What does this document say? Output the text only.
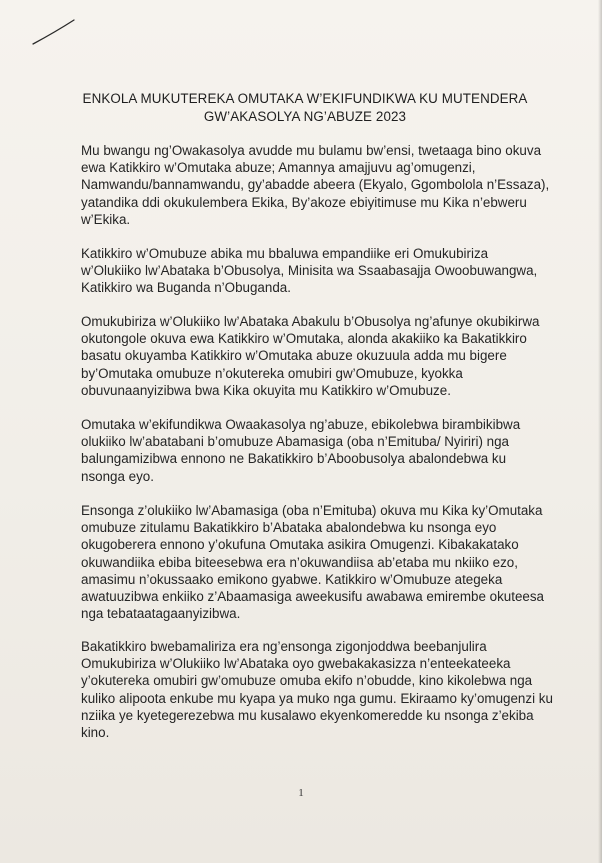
ENKOLA MUKUTEREKA OMUTAKA W’EKIFUNDIKWA KU MUTENDERA
GW’AKASOLYA NG’ABUZE 2023
Mu bwangu ng’Owakasolya avudde mu bulamu bw’ensi, twetaaga bino okuva
ewa Katikkiro w’Omutaka abuze; Amannya amajjuvu ag’omugenzi,
Namwandu/bannamwandu, gy’abadde abeera (Ekyalo, Ggombolola n’Essaza),
yatandika ddi okukulembera Ekika, By’akoze ebiyitimuse mu Kika n’ebweru
w’Ekika.
Katikkiro w’Omubuze abika mu bbaluwa empandiike eri Omukubiriza
w’Olukiiko lw’Abataka b’Obusolya, Minisita wa Ssaabasajja Owoobuwangwa,
Katikkiro wa Buganda n’Obuganda.
Omukubiriza w’Olukiiko lw’Abataka Abakulu b’Obusolya ng’afunye okubikirwa
okutongole okuva ewa Katikkiro w’Omutaka, alonda akakiiko ka Bakatikkiro
basatu okuyamba Katikkiro w’Omutaka abuze okuzuula adda mu bigere
by’Omutaka omubuze n’okutereka omubiri gw’Omubuze, kyokka
obuvunaanyizibwa bwa Kika okuyita mu Katikkiro w’Omubuze.
Omutaka w’ekifundikwa Owaakasolya ng’abuze, ebikolebwa birambikibwa
olukiiko lw’abatabani b’omubuze Abamasiga (oba n’Emituba/ Nyiriri) nga
balungamizibwa ennono ne Bakatikkiro b’Aboobusolya abalondebwa ku
nsonga eyo.
Ensonga z’olukiiko lw’Abamasiga (oba n’Emituba) okuva mu Kika ky’Omutaka
omubuze zitulamu Bakatikkiro b’Abataka abalondebwa ku nsonga eyo
okugoberera ennono y’okufuna Omutaka asikira Omugenzi. Kibakakatako
okuwandiika ebiba biteesebwa era n’okuwandiisa ab’etaba mu nkiiko ezo,
amasimu n’okussaako emikono gyabwe. Katikkiro w’Omubuze ategeka
awatuuzibwa enkiiko z’Abaamasiga aweekusifu awabawa emirembe okuteesa
nga tebataatagaanyizibwa.
Bakatikkiro bwebamaliriza era ng’ensonga zigonjoddwa beebanjulira
Omukubiriza w’Olukiiko lw’Abataka oyo gwebakakasizza n’enteekateeka
y’okutereka omubiri gw’omubuze omuba ekifo n’obudde, kino kikolebwa nga
kuliko alipoota enkube mu kyapa ya muko nga gumu. Ekiraamo ky’omugenzi ku
nziika ye kyetegerezebwa mu kusalawo ekyenkomeredde ku nsonga z’ekiba
kino.
1
